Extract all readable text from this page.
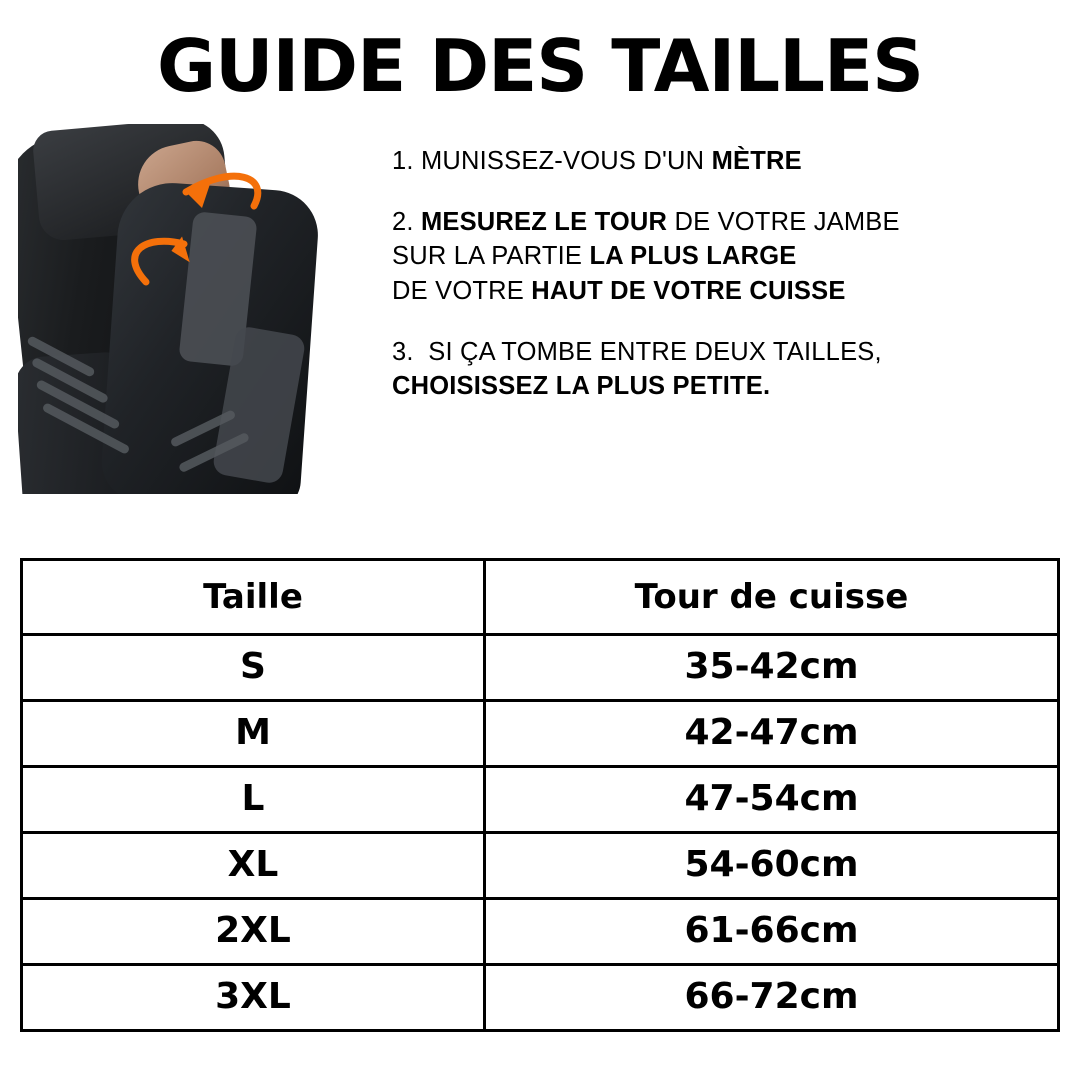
GUIDE DES TAILLES

1. MUNISSEZ-VOUS D'UN MÈTRE

2. MESUREZ LE TOUR DE VOTRE JAMBE
SUR LA PARTIE LA PLUS LARGE
DE VOTRE HAUT DE VOTRE CUISSE

3.  SI ÇA TOMBE ENTRE DEUX TAILLES,
CHOISISSEZ LA PLUS PETITE.

Taille	Tour de cuisse
S	35-42cm
M	42-47cm
L	47-54cm
XL	54-60cm
2XL	61-66cm
3XL	66-72cm
